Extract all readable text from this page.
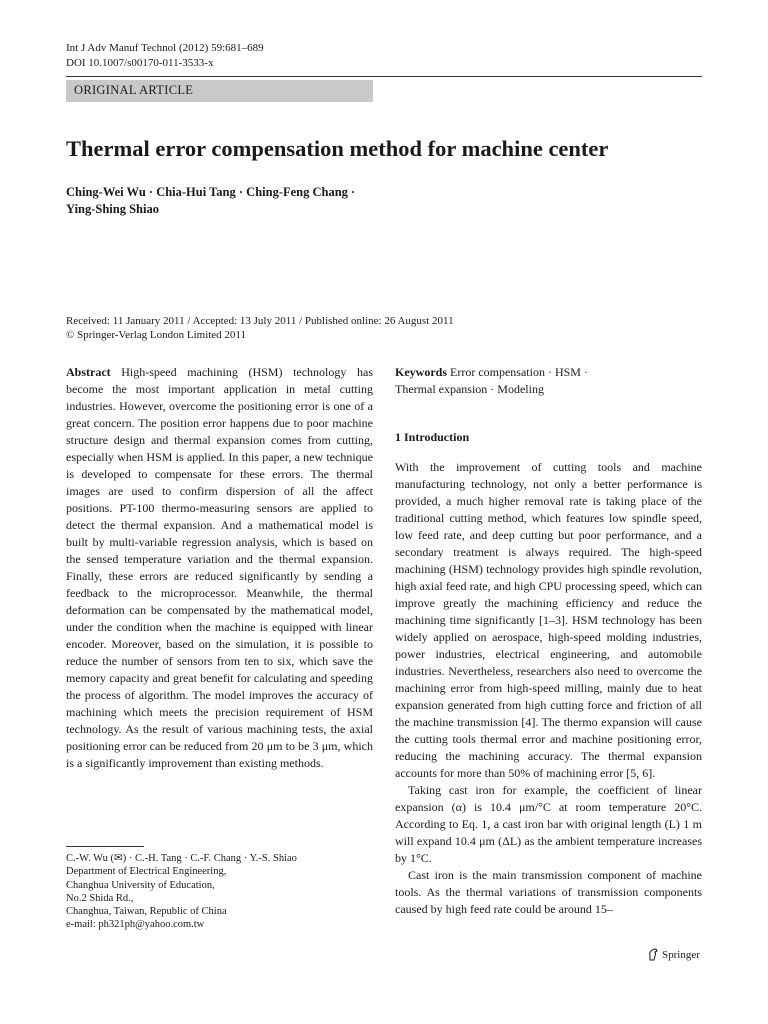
Int J Adv Manuf Technol (2012) 59:681–689
DOI 10.1007/s00170-011-3533-x
ORIGINAL ARTICLE
Thermal error compensation method for machine center
Ching-Wei Wu · Chia-Hui Tang · Ching-Feng Chang ·
Ying-Shing Shiao
Received: 11 January 2011 / Accepted: 13 July 2011 / Published online: 26 August 2011
© Springer-Verlag London Limited 2011

Abstract High-speed machining (HSM) technology has become the most important application in metal cutting industries. However, overcome the positioning error is one of a great concern. The position error happens due to poor machine structure design and thermal expansion comes from cutting, especially when HSM is applied. In this paper, a new technique is developed to compensate for these errors. The thermal images are used to confirm dispersion of all the affect positions. PT-100 thermo-measuring sensors are applied to detect the thermal expansion. And a mathematical model is built by multi-variable regression analysis, which is based on the sensed temperature variation and the thermal expansion. Finally, these errors are reduced significantly by sending a feedback to the microprocessor. Meanwhile, the thermal deformation can be compensated by the mathematical model, under the condition when the machine is equipped with linear encoder. Moreover, based on the simulation, it is possible to reduce the number of sensors from ten to six, which save the memory capacity and great benefit for calculating and speeding the process of algorithm. The model improves the accuracy of machining which meets the precision requirement of HSM technology. As the result of various machining tests, the axial positioning error can be reduced from 20 μm to be 3 μm, which is a significantly improvement than existing methods.

C.-W. Wu (✉) · C.-H. Tang · C.-F. Chang · Y.-S. Shiao
Department of Electrical Engineering,
Changhua University of Education,
No.2 Shida Rd.,
Changhua, Taiwan, Republic of China
e-mail: ph321ph@yahoo.com.tw
Keywords Error compensation · HSM ·
Thermal expansion · Modeling
1 Introduction

With the improvement of cutting tools and machine manufacturing technology, not only a better performance is provided, a much higher removal rate is taking place of the traditional cutting method, which features low spindle speed, low feed rate, and deep cutting but poor performance, and a secondary treatment is always required. The high-speed machining (HSM) technology provides high spindle revolution, high axial feed rate, and high CPU processing speed, which can improve greatly the machining efficiency and reduce the machining time significantly [1–3]. HSM technology has been widely applied on aerospace, high-speed molding industries, power industries, electrical engineering, and automobile industries. Nevertheless, researchers also need to overcome the machining error from high-speed milling, mainly due to heat expansion generated from high cutting force and friction of all the machine transmission [4]. The thermo expansion will cause the cutting tools thermal error and machine positioning error, reducing the machining accuracy. The thermal expansion accounts for more than 50% of machining error [5, 6].

Taking cast iron for example, the coefficient of linear expansion (α) is 10.4 μm/°C at room temperature 20°C. According to Eq. 1, a cast iron bar with original length (L) 1 m will expand 10.4 μm (ΔL) as the ambient temperature increases by 1°C.

Cast iron is the main transmission component of machine tools. As the thermal variations of transmission components caused by high feed rate could be around 15–

Springer
